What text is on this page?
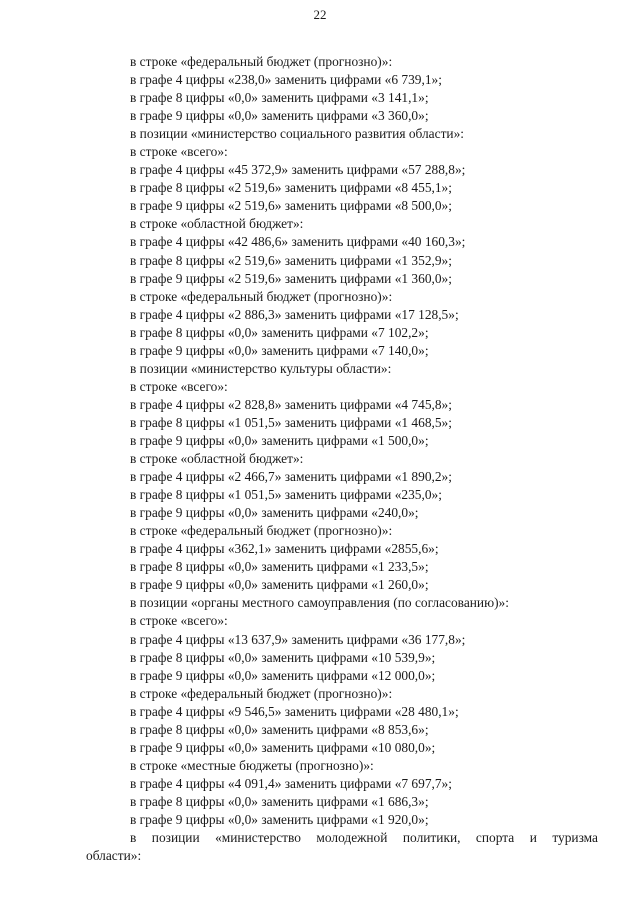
22
в строке «федеральный бюджет (прогнозно)»:
в графе 4 цифры «238,0» заменить цифрами «6 739,1»;
в графе 8 цифры «0,0» заменить цифрами «3 141,1»;
в графе 9 цифры «0,0» заменить цифрами «3 360,0»;
в позиции «министерство социального развития области»:
в строке «всего»:
в графе 4 цифры «45 372,9» заменить цифрами «57 288,8»;
в графе 8 цифры «2 519,6» заменить цифрами «8 455,1»;
в графе 9 цифры «2 519,6» заменить цифрами «8 500,0»;
в строке «областной бюджет»:
в графе 4 цифры «42 486,6» заменить цифрами «40 160,3»;
в графе 8 цифры «2 519,6» заменить цифрами «1 352,9»;
в графе 9 цифры «2 519,6» заменить цифрами «1 360,0»;
в строке «федеральный бюджет (прогнозно)»:
в графе 4 цифры «2 886,3» заменить цифрами «17 128,5»;
в графе 8 цифры «0,0» заменить цифрами «7 102,2»;
в графе 9 цифры «0,0» заменить цифрами «7 140,0»;
в позиции «министерство культуры области»:
в строке «всего»:
в графе 4 цифры «2 828,8» заменить цифрами «4 745,8»;
в графе 8 цифры «1 051,5» заменить цифрами «1 468,5»;
в графе 9 цифры «0,0» заменить цифрами «1 500,0»;
в строке «областной бюджет»:
в графе 4 цифры «2 466,7» заменить цифрами «1 890,2»;
в графе 8 цифры «1 051,5» заменить цифрами «235,0»;
в графе 9 цифры «0,0» заменить цифрами «240,0»;
в строке «федеральный бюджет (прогнозно)»:
в графе 4 цифры «362,1» заменить цифрами «2855,6»;
в графе 8 цифры «0,0» заменить цифрами «1 233,5»;
в графе 9 цифры «0,0» заменить цифрами «1 260,0»;
в позиции «органы местного самоуправления (по согласованию)»:
в строке «всего»:
в графе 4 цифры «13 637,9» заменить цифрами «36 177,8»;
в графе 8 цифры «0,0» заменить цифрами «10 539,9»;
в графе 9 цифры «0,0» заменить цифрами «12 000,0»;
в строке «федеральный бюджет (прогнозно)»:
в графе 4 цифры «9 546,5» заменить цифрами «28 480,1»;
в графе 8 цифры «0,0» заменить цифрами «8 853,6»;
в графе 9 цифры «0,0» заменить цифрами «10 080,0»;
в строке «местные бюджеты (прогнозно)»:
в графе 4 цифры «4 091,4» заменить цифрами «7 697,7»;
в графе 8 цифры «0,0» заменить цифрами «1 686,3»;
в графе 9 цифры «0,0» заменить цифрами «1 920,0»;
в позиции «министерство молодежной политики, спорта и туризма
области»:
